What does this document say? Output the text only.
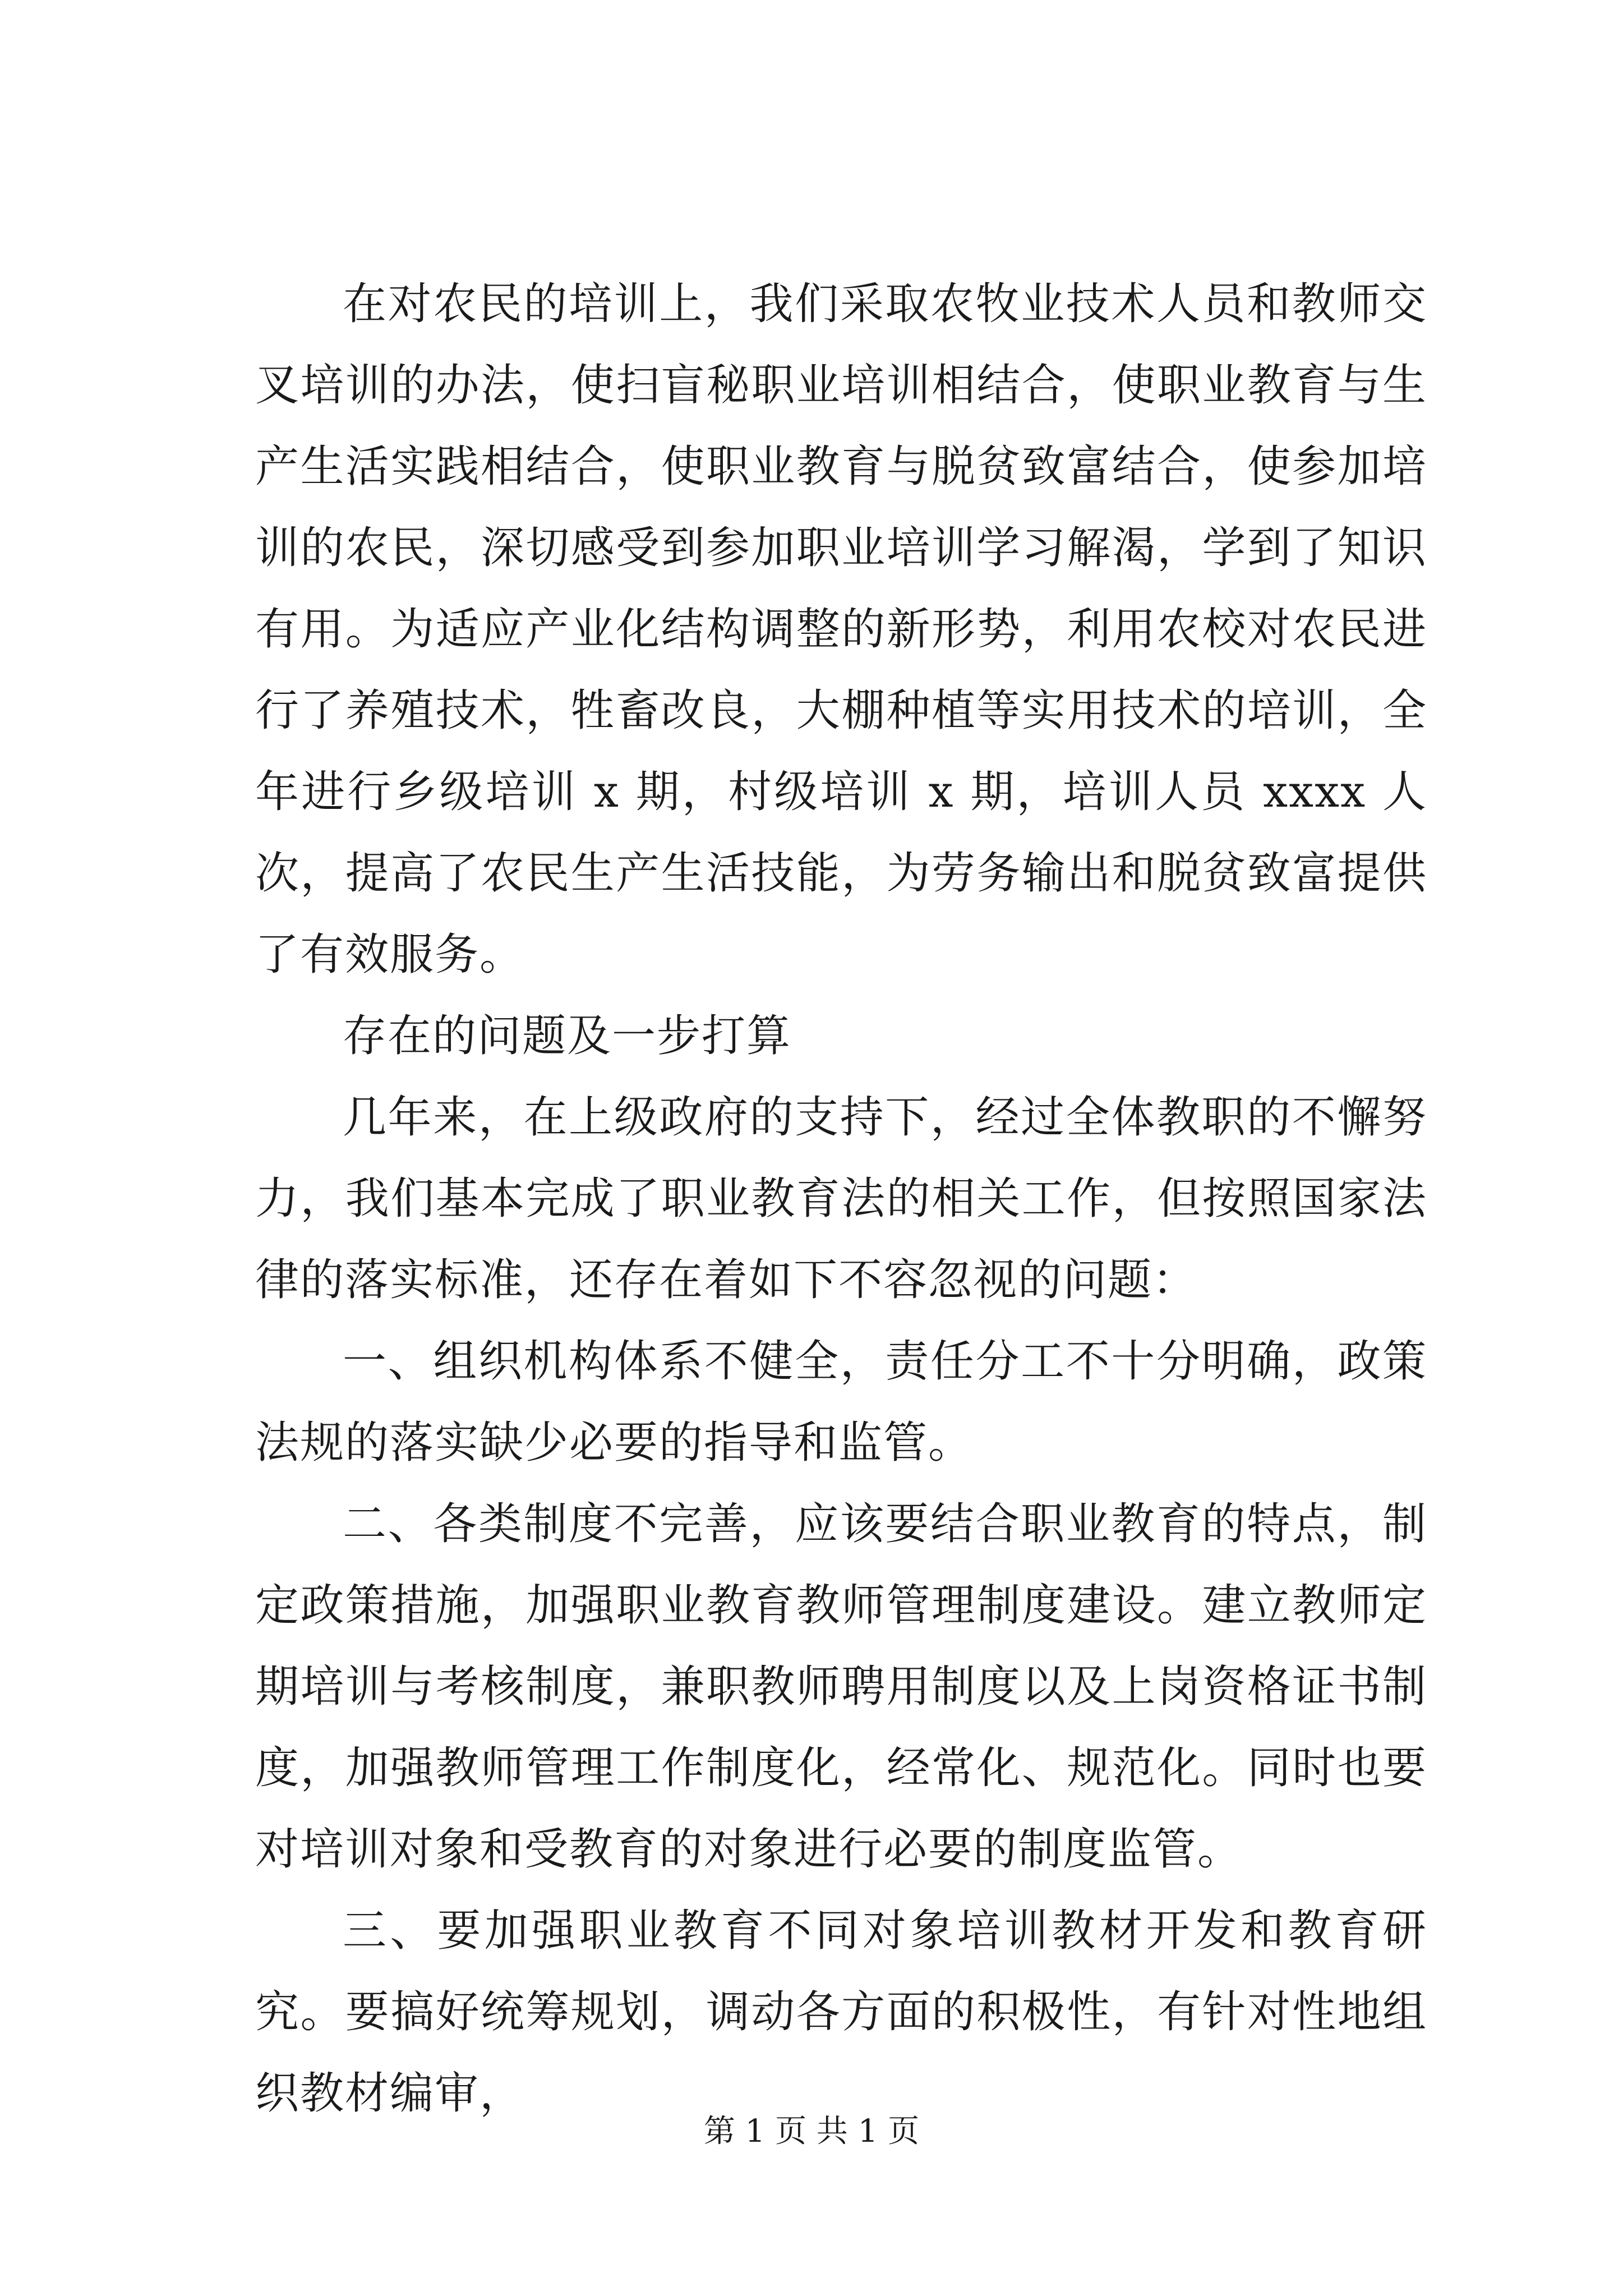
在对农民的培训上，我们采取农牧业技术人员和教师交叉培训的办法，使扫盲秘职业培训相结合，使职业教育与生产生活实践相结合，使职业教育与脱贫致富结合，使参加培训的农民，深切感受到参加职业培训学习解渴，学到了知识有用。为适应产业化结构调整的新形势，利用农校对农民进行了养殖技术，牲畜改良，大棚种植等实用技术的培训，全年进行乡级培训 x 期，村级培训 x 期，培训人员 xxxx 人次，提高了农民生产生活技能，为劳务输出和脱贫致富提供了有效服务。

存在的问题及一步打算

几年来，在上级政府的支持下，经过全体教职的不懈努力，我们基本完成了职业教育法的相关工作，但按照国家法律的落实标准，还存在着如下不容忽视的问题：

一、组织机构体系不健全，责任分工不十分明确，政策法规的落实缺少必要的指导和监管。

二、各类制度不完善，应该要结合职业教育的特点，制定政策措施，加强职业教育教师管理制度建设。建立教师定期培训与考核制度，兼职教师聘用制度以及上岗资格证书制度，加强教师管理工作制度化，经常化、规范化。同时也要对培训对象和受教育的对象进行必要的制度监管。

三、要加强职业教育不同对象培训教材开发和教育研究。要搞好统筹规划，调动各方面的积极性，有针对性地组织教材编审，

第 1 页 共 1 页
